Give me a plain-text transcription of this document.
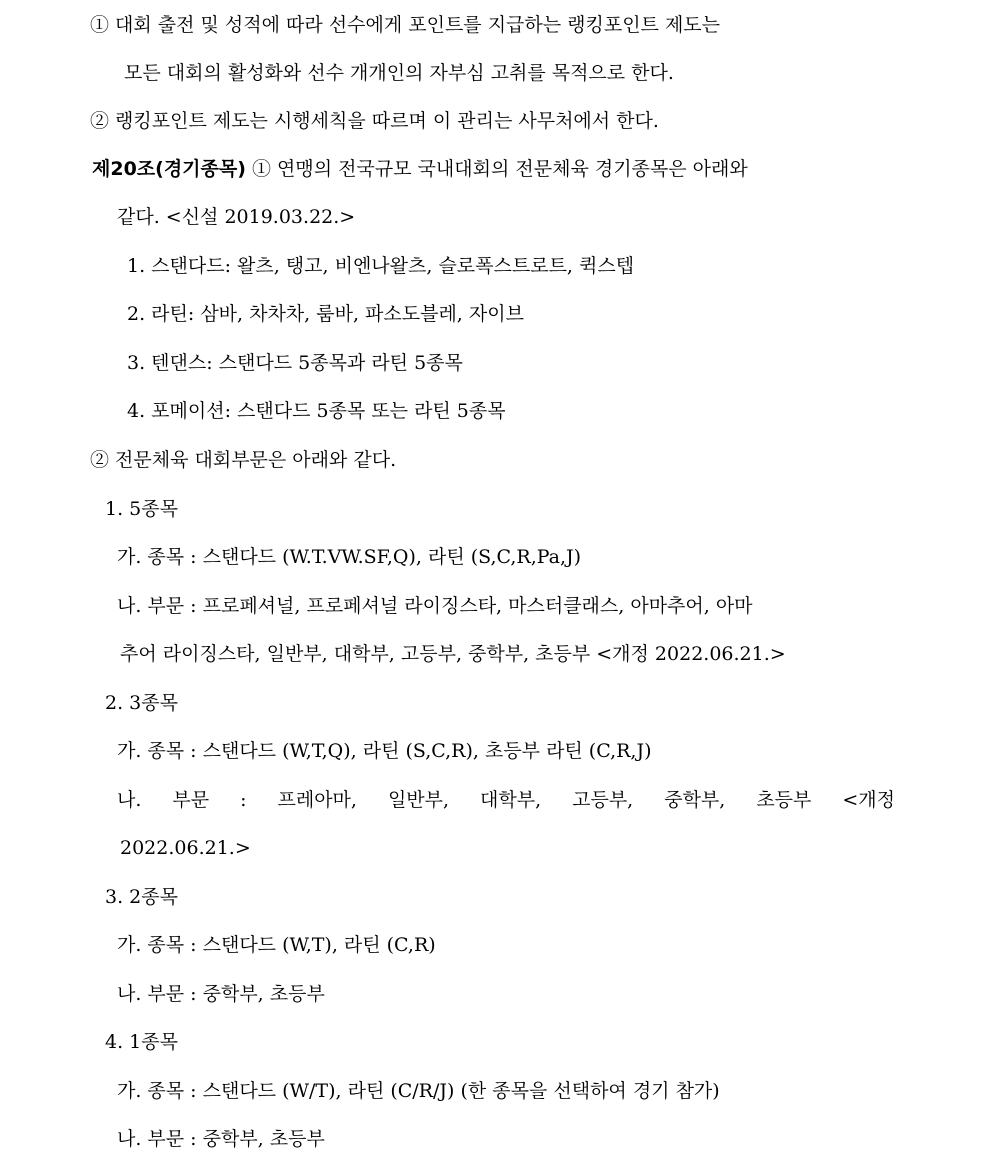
① 대회 출전 및 성적에 따라 선수에게 포인트를 지급하는 랭킹포인트 제도는
모든 대회의 활성화와 선수 개개인의 자부심 고취를 목적으로 한다.
② 랭킹포인트 제도는 시행세칙을 따르며 이 관리는 사무처에서 한다.
제20조(경기종목) ① 연맹의 전국규모 국내대회의 전문체육 경기종목은 아래와
같다. <신설 2019.03.22.>
1. 스탠다드: 왈츠, 탱고, 비엔나왈츠, 슬로폭스트로트, 퀵스텝
2. 라틴: 삼바, 차차차, 룸바, 파소도블레, 자이브
3. 텐댄스: 스탠다드 5종목과 라틴 5종목
4. 포메이션: 스탠다드 5종목 또는 라틴 5종목
② 전문체육 대회부문은 아래와 같다.
1. 5종목
가. 종목 : 스탠다드 (W.T.VW.SF,Q), 라틴 (S,C,R,Pa,J)
나. 부문 : 프로페셔널, 프로페셔널 라이징스타, 마스터클래스, 아마추어, 아마
추어 라이징스타, 일반부, 대학부, 고등부, 중학부, 초등부 <개정 2022.06.21.>
2. 3종목
가. 종목 : 스탠다드 (W,T,Q), 라틴 (S,C,R), 초등부 라틴 (C,R,J)
나. 부문 : 프레아마, 일반부, 대학부, 고등부, 중학부, 초등부 <개정
2022.06.21.>
3. 2종목
가. 종목 : 스탠다드 (W,T), 라틴 (C,R)
나. 부문 : 중학부, 초등부
4. 1종목
가. 종목 : 스탠다드 (W/T), 라틴 (C/R/J) (한 종목을 선택하여 경기 참가)
나. 부문 : 중학부, 초등부
